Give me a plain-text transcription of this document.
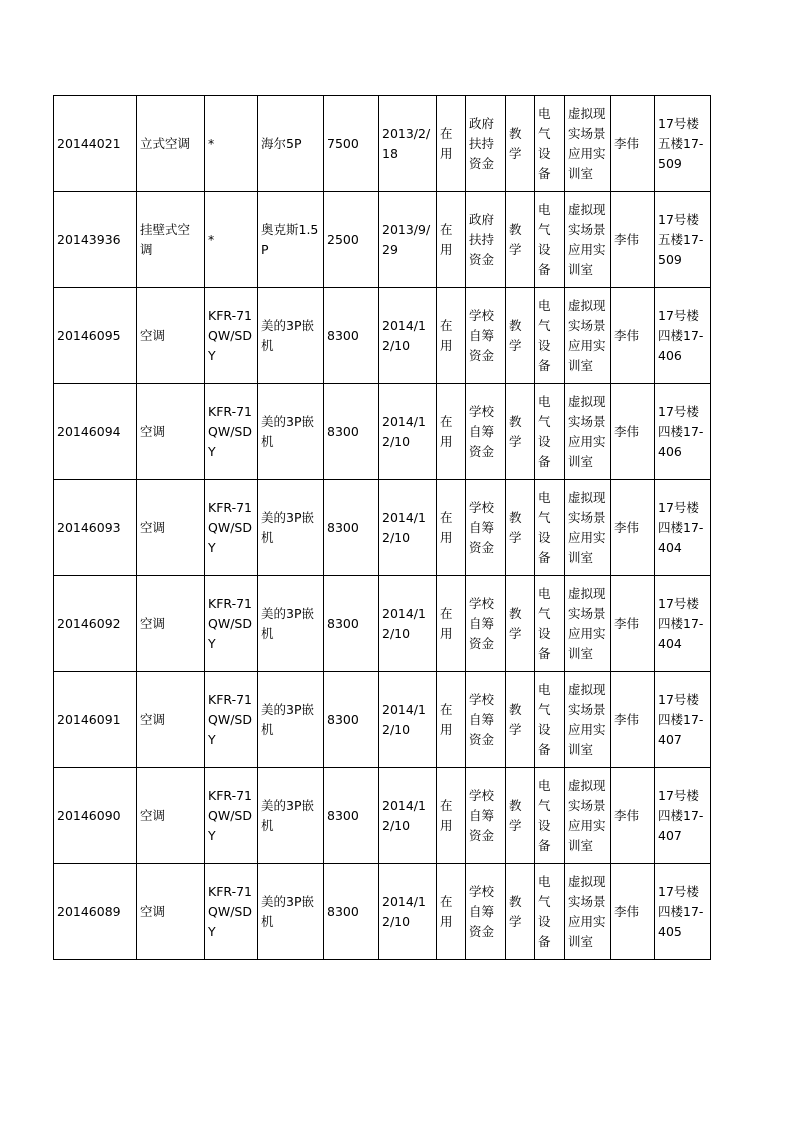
20144021	立式空调	*	海尔5P	7500	2013/2/18	在用	政府扶持资金	教学	电气设备	虚拟现实场景应用实训室	李伟	17号楼五楼17-509
20143936	挂壁式空调	*	奥克斯1.5P	2500	2013/9/29	在用	政府扶持资金	教学	电气设备	虚拟现实场景应用实训室	李伟	17号楼五楼17-509
20146095	空调	KFR-71QW/SDY	美的3P嵌机	8300	2014/12/10	在用	学校自筹资金	教学	电气设备	虚拟现实场景应用实训室	李伟	17号楼四楼17-406
20146094	空调	KFR-71QW/SDY	美的3P嵌机	8300	2014/12/10	在用	学校自筹资金	教学	电气设备	虚拟现实场景应用实训室	李伟	17号楼四楼17-406
20146093	空调	KFR-71QW/SDY	美的3P嵌机	8300	2014/12/10	在用	学校自筹资金	教学	电气设备	虚拟现实场景应用实训室	李伟	17号楼四楼17-404
20146092	空调	KFR-71QW/SDY	美的3P嵌机	8300	2014/12/10	在用	学校自筹资金	教学	电气设备	虚拟现实场景应用实训室	李伟	17号楼四楼17-404
20146091	空调	KFR-71QW/SDY	美的3P嵌机	8300	2014/12/10	在用	学校自筹资金	教学	电气设备	虚拟现实场景应用实训室	李伟	17号楼四楼17-407
20146090	空调	KFR-71QW/SDY	美的3P嵌机	8300	2014/12/10	在用	学校自筹资金	教学	电气设备	虚拟现实场景应用实训室	李伟	17号楼四楼17-407
20146089	空调	KFR-71QW/SDY	美的3P嵌机	8300	2014/12/10	在用	学校自筹资金	教学	电气设备	虚拟现实场景应用实训室	李伟	17号楼四楼17-405
